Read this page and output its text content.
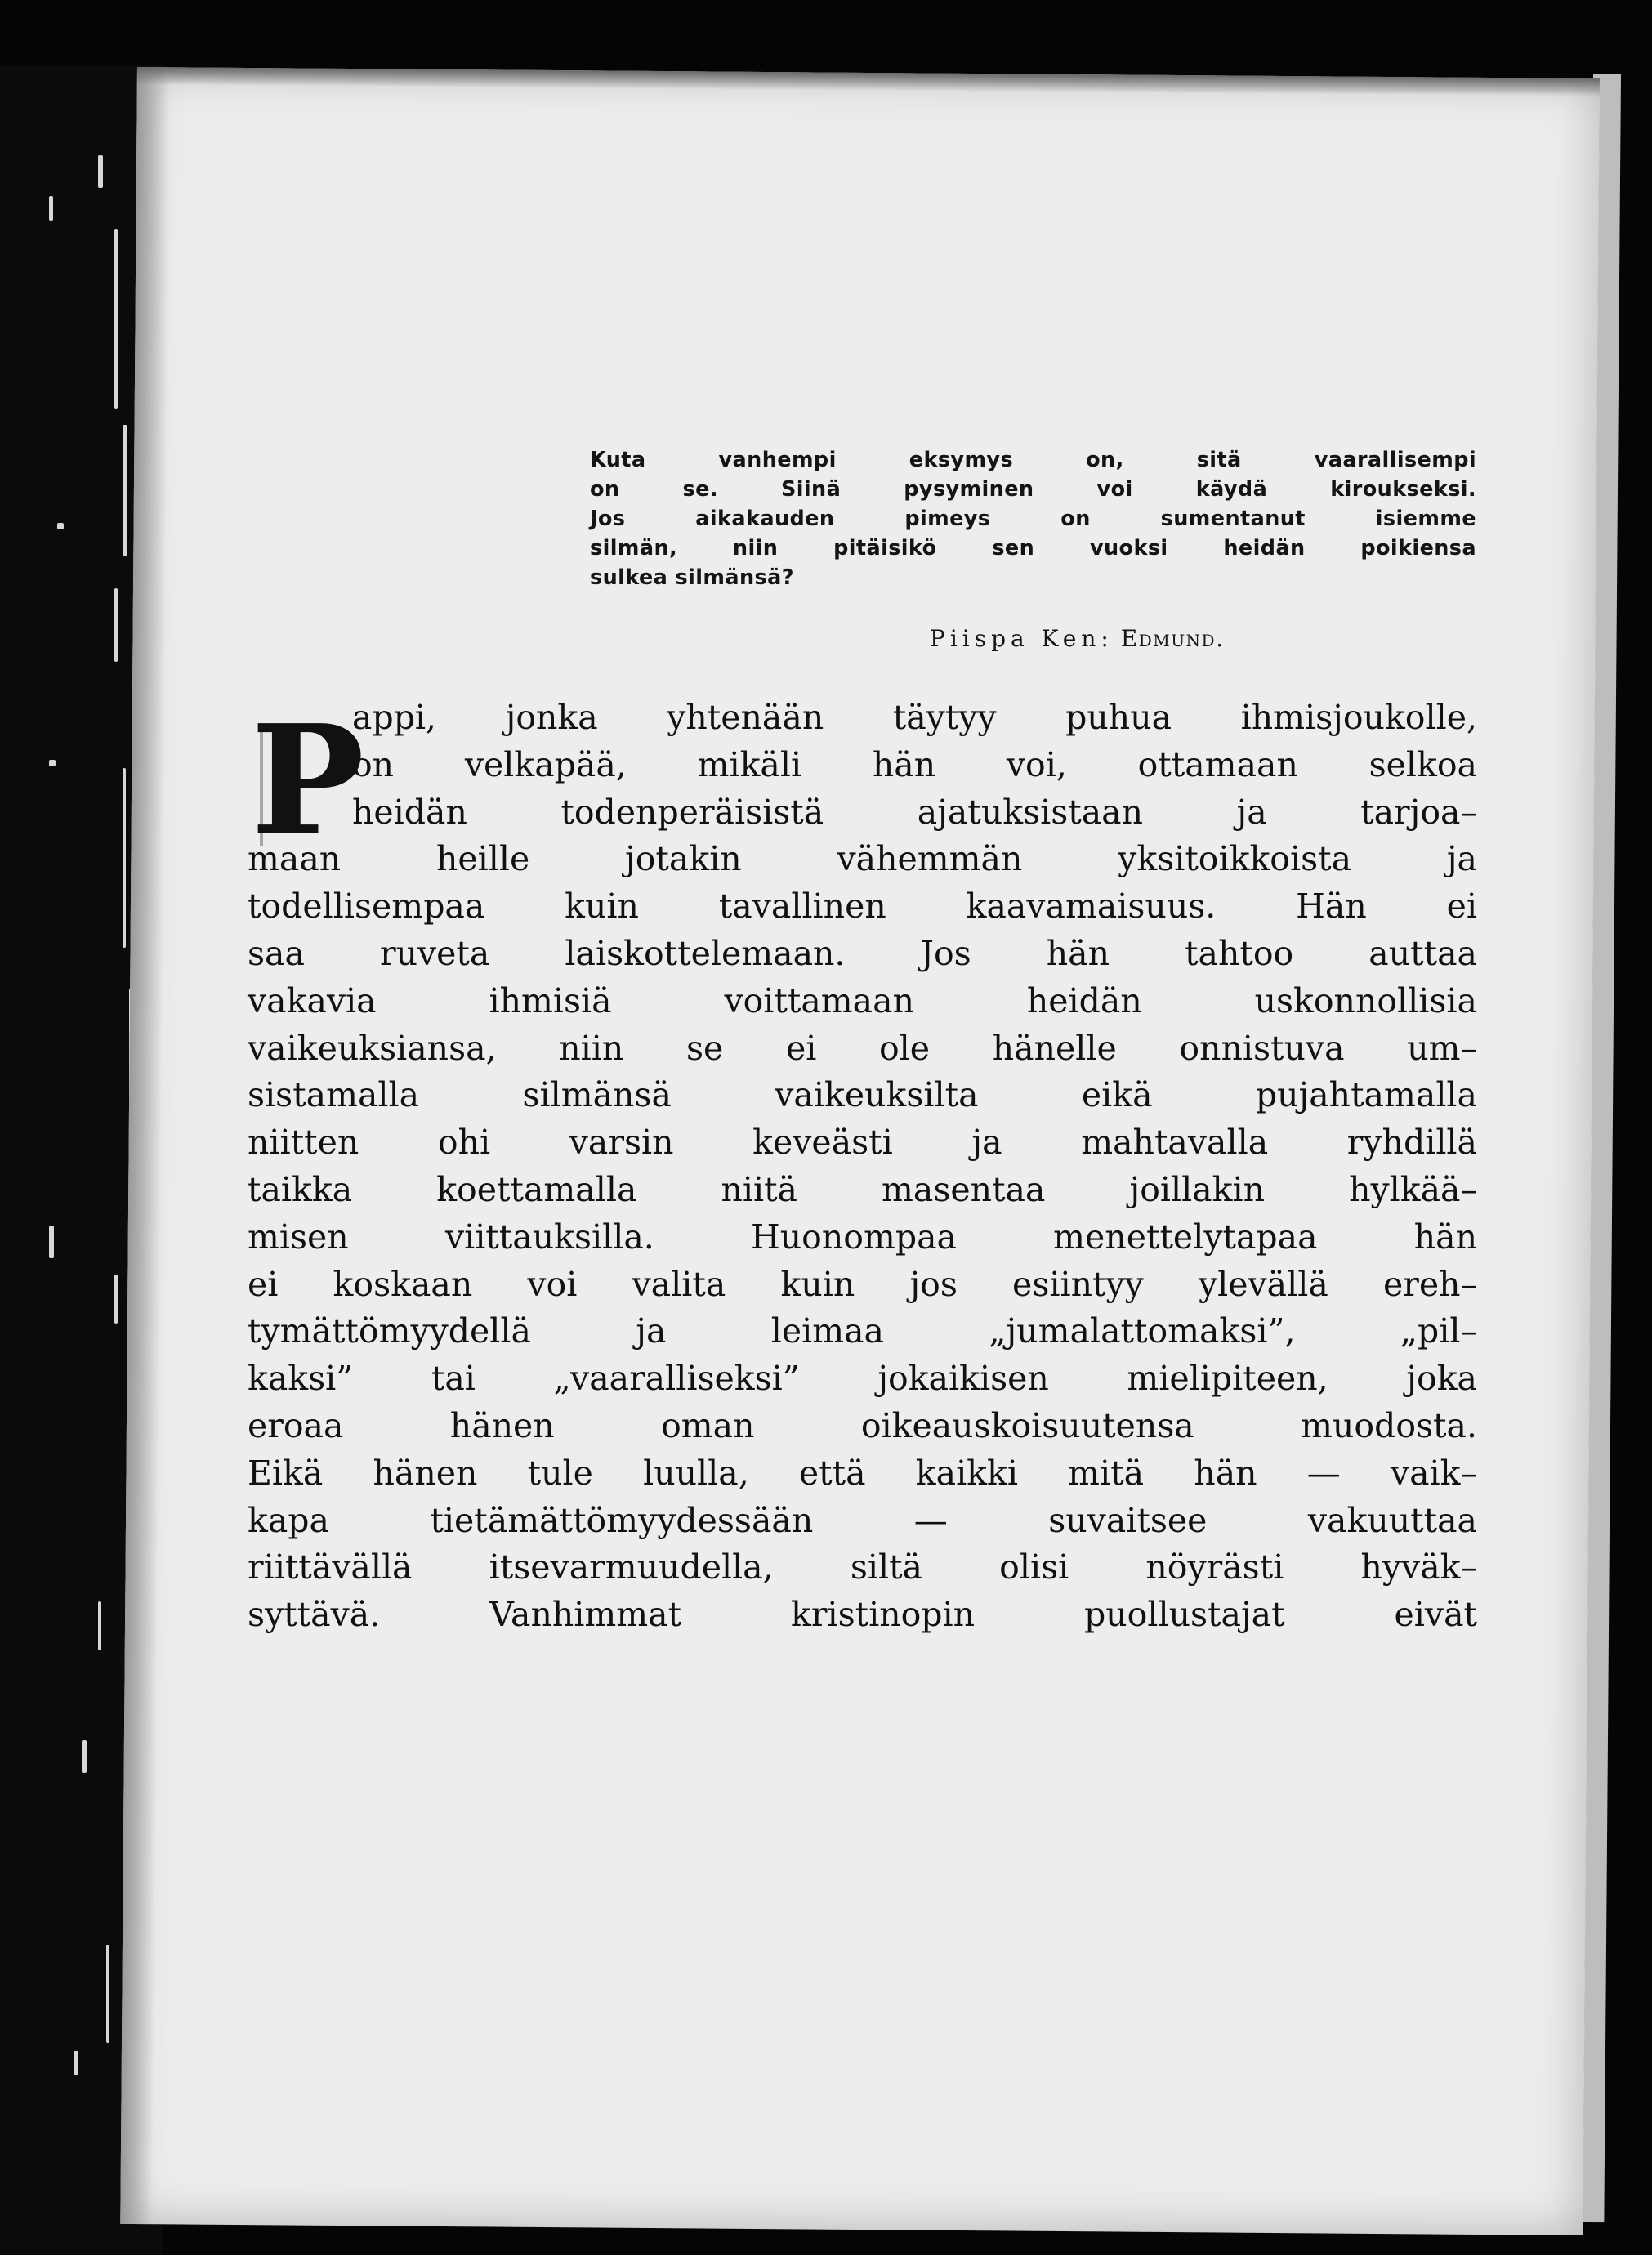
Kuta vanhempi eksymys on, sitä vaarallisempi
on se. Siinä pysyminen voi käydä kiroukseksi.
Jos aikakauden pimeys on sumentanut isiemme
silmän, niin pitäisikö sen vuoksi heidän poikiensa
sulkea silmänsä?
Piispa Ken: Edmund.
P
appi, jonka yhtenään täytyy puhua ihmisjoukolle,
on velkapää, mikäli hän voi, ottamaan selkoa
heidän todenperäisistä ajatuksistaan ja tarjoa–
maan heille jotakin vähemmän yksitoikkoista ja
todellisempaa kuin tavallinen kaavamaisuus. Hän ei
saa ruveta laiskottelemaan. Jos hän tahtoo auttaa
vakavia ihmisiä voittamaan heidän uskonnollisia
vaikeuksiansa, niin se ei ole hänelle onnistuva um–
sistamalla silmänsä vaikeuksilta eikä pujahtamalla
niitten ohi varsin keveästi ja mahtavalla ryhdillä
taikka koettamalla niitä masentaa joillakin hylkää–
misen viittauksilla. Huonompaa menettelytapaa hän
ei koskaan voi valita kuin jos esiintyy ylevällä ereh–
tymättömyydellä ja leimaa „jumalattomaksi”, „pil–
kaksi” tai „vaaralliseksi” jokaikisen mielipiteen, joka
eroaa hänen oman oikeauskoisuutensa muodosta.
Eikä hänen tule luulla, että kaikki mitä hän — vaik–
kapa tietämättömyydessään — suvaitsee vakuuttaa
riittävällä itsevarmuudella, siltä olisi nöyrästi hyväk–
syttävä. Vanhimmat kristinopin puollustajat eivät
